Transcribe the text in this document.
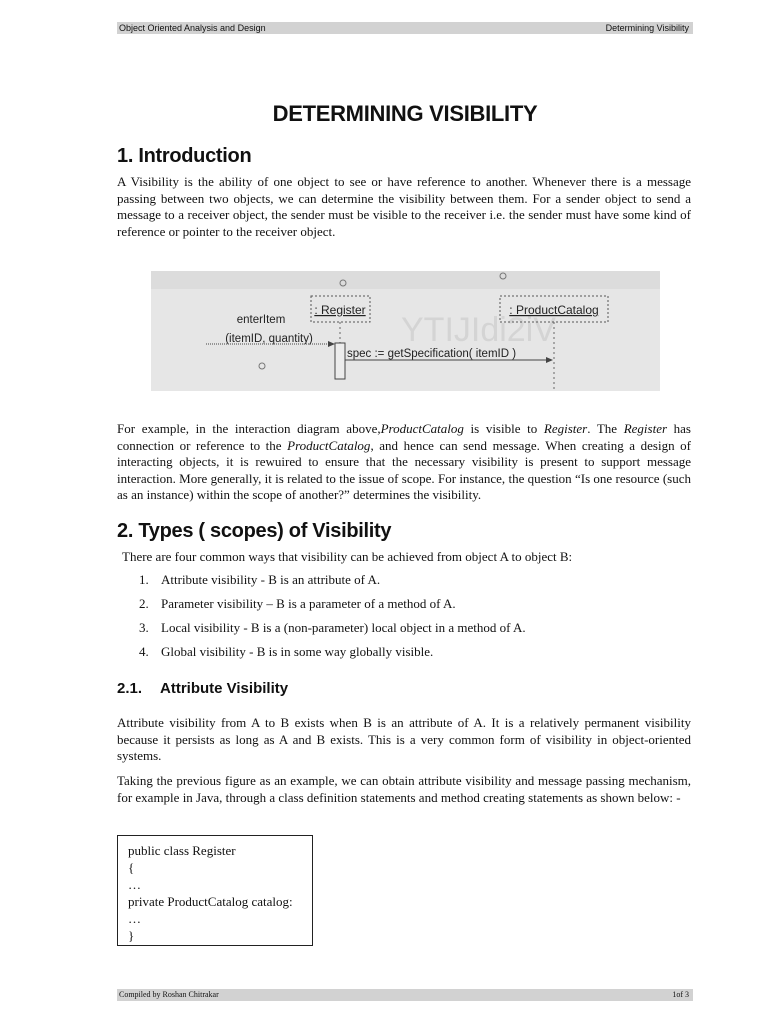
Object Oriented Analysis and Design	Determining Visibility
DETERMINING VISIBILITY
1. Introduction

A Visibility is the ability of one object to see or have reference to another. Whenever there is a message passing between two objects, we can determine the visibility between them. For a sender object to send a message to a receiver object, the sender must be visible to the receiver i.e. the sender must have some kind of reference or pointer to the receiver object.

YTIJIdi2iV
: Register	: ProductCatalog
enterItem
(itemID, quantity)
spec := getSpecification( itemID )

For example, in the interaction diagram above,ProductCatalog is visible to Register. The Register has connection or reference to the ProductCatalog, and hence can send message. When creating a design of interacting objects, it is rewuired to ensure that the necessary visibility is present to support message interaction. More generally, it is related to the issue of scope. For instance, the question “Is one resource (such as an instance) within the scope of another?” determines the visibility.

2. Types ( scopes) of Visibility

There are four common ways that visibility can be achieved from object A to object B:

1. Attribute visibility - B is an attribute of A.
2. Parameter visibility – B is a parameter of a method of A.
3. Local visibility - B is a (non-parameter) local object in a method of A.
4. Global visibility - B is in some way globally visible.
2.1. Attribute Visibility

Attribute visibility from A to B exists when B is an attribute of A. It is a relatively permanent visibility because it persists as long as A and B exists. This is a very common form of visibility in object-oriented systems.

Taking the previous figure as an example, we can obtain attribute visibility and message passing mechanism, for example in Java, through a class definition statements and method creating statements as shown below: -

public class Register
{
…
private ProductCatalog catalog:
…
}
Compiled by Roshan Chitrakar	1of 3
